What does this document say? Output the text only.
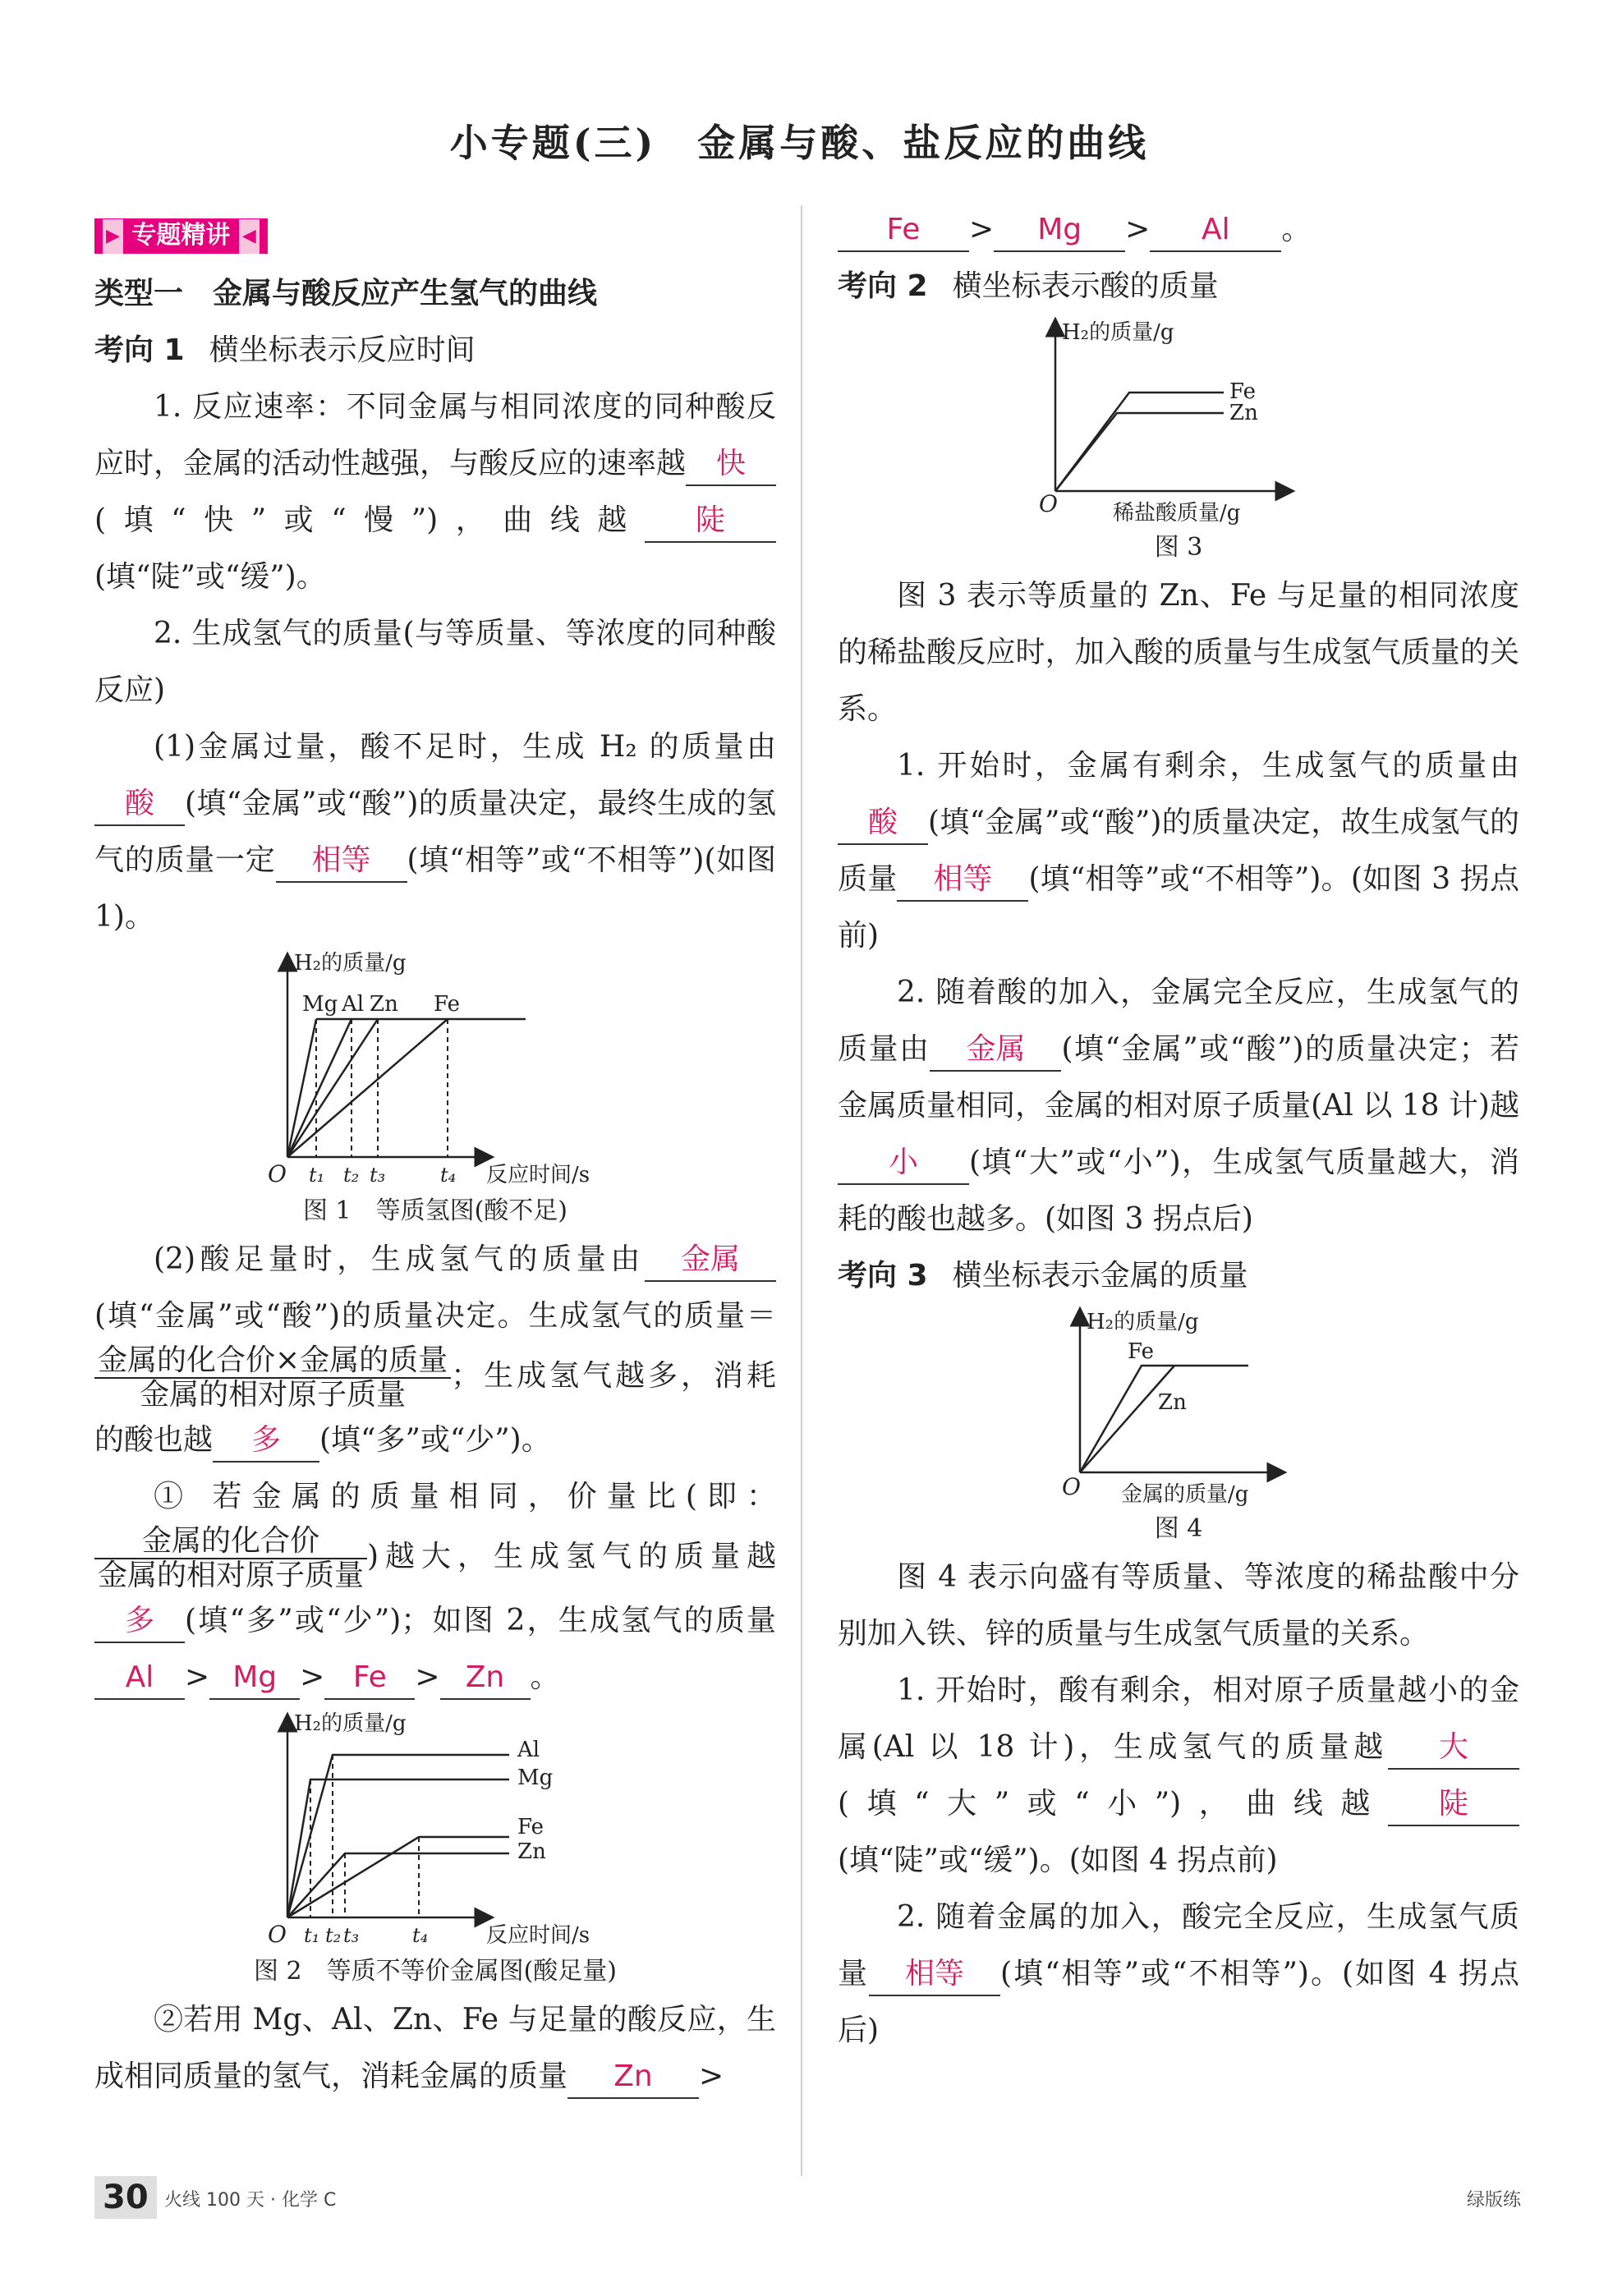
小专题(三)　金属与酸、盐反应的曲线
▶ 专题精讲 ◀

类型一　金属与酸反应产生氢气的曲线

考向 1 横坐标表示反应时间

1. 反应速率：不同金属与相同浓度的同种酸反应时，金属的活动性越强，与酸反应的速率越 快(填“快”或“慢”)，曲线越 陡(填“陡”或“缓”)。

2. 生成氢气的质量(与等质量、等浓度的同种酸反应)

(1)金属过量，酸不足时，生成 H₂ 的质量由酸 (填“金属”或“酸”)的质量决定，最终生成的氢气的质量一定 相等 (填“相等”或“不相等”)(如图 1)。

H₂的质量/g
Mg Al Zn Fe
O t₁ t₂ t₃	t₄ 反应时间/s

图 1　等质氢图(酸不足)

(2)酸足量时，生成氢气的质量由 金属(填“金属”或“酸”)的质量决定。生成氢气的质量＝
$\frac{\text{金属的化合价×金属的质量}}{\text{金属的相对原子质量}}$ ；生成氢气越多，消耗的酸也越 多 (填“多”或“少”)。

① 若金属的质量相同，价量比(即：
$\frac{\text{金属的化合价}}{\text{金属的相对原子质量}}$ )越大，生成氢气的质量越多 (填“多”或“少”)；如图 2，生成氢气的质量Al > Mg > Fe > Zn 。

H₂的质量/g
Al
Mg
Fe
Zn
O t₁ t₂ t₃	t₄	反应时间/s

图 2　等质不等价金属图(酸足量)

②若用 Mg、Al、Zn、Fe 与足量的酸反应，生成相同质量的氢气，消耗金属的质量 Zn >

Fe > Mg > Al 。

考向 2 横坐标表示酸的质量

H₂的质量/g
Fe
Zn
O	稀盐酸质量/g

图 3

图 3 表示等质量的 Zn、Fe 与足量的相同浓度的稀盐酸反应时，加入酸的质量与生成氢气质量的关系。

1. 开始时，金属有剩余，生成氢气的质量由酸 (填“金属”或“酸”)的质量决定，故生成氢气的质量 相等 (填“相等”或“不相等”)。(如图 3 拐点前)

2. 随着酸的加入，金属完全反应，生成氢气的质量由 金属 (填“金属”或“酸”)的质量决定；若金属质量相同，金属的相对原子质量(Al 以 18 计)越小 (填“大”或“小”)，生成氢气质量越大，消耗的酸也越多。(如图 3 拐点后)

考向 3 横坐标表示金属的质量

H₂的质量/g
Fe
Zn
O 金属的质量/g

图 4

图 4 表示向盛有等质量、等浓度的稀盐酸中分别加入铁、锌的质量与生成氢气质量的关系。

1. 开始时，酸有剩余，相对原子质量越小的金属(Al 以 18 计)，生成氢气的质量越 大(填“大”或“小”)，曲线越 陡(填“陡”或“缓”)。(如图 4 拐点前)

2. 随着金属的加入，酸完全反应，生成氢气质量 相等 (填“相等”或“不相等”)。(如图 4 拐点后)

30 火线 100 天 · 化学 C	绿版练
